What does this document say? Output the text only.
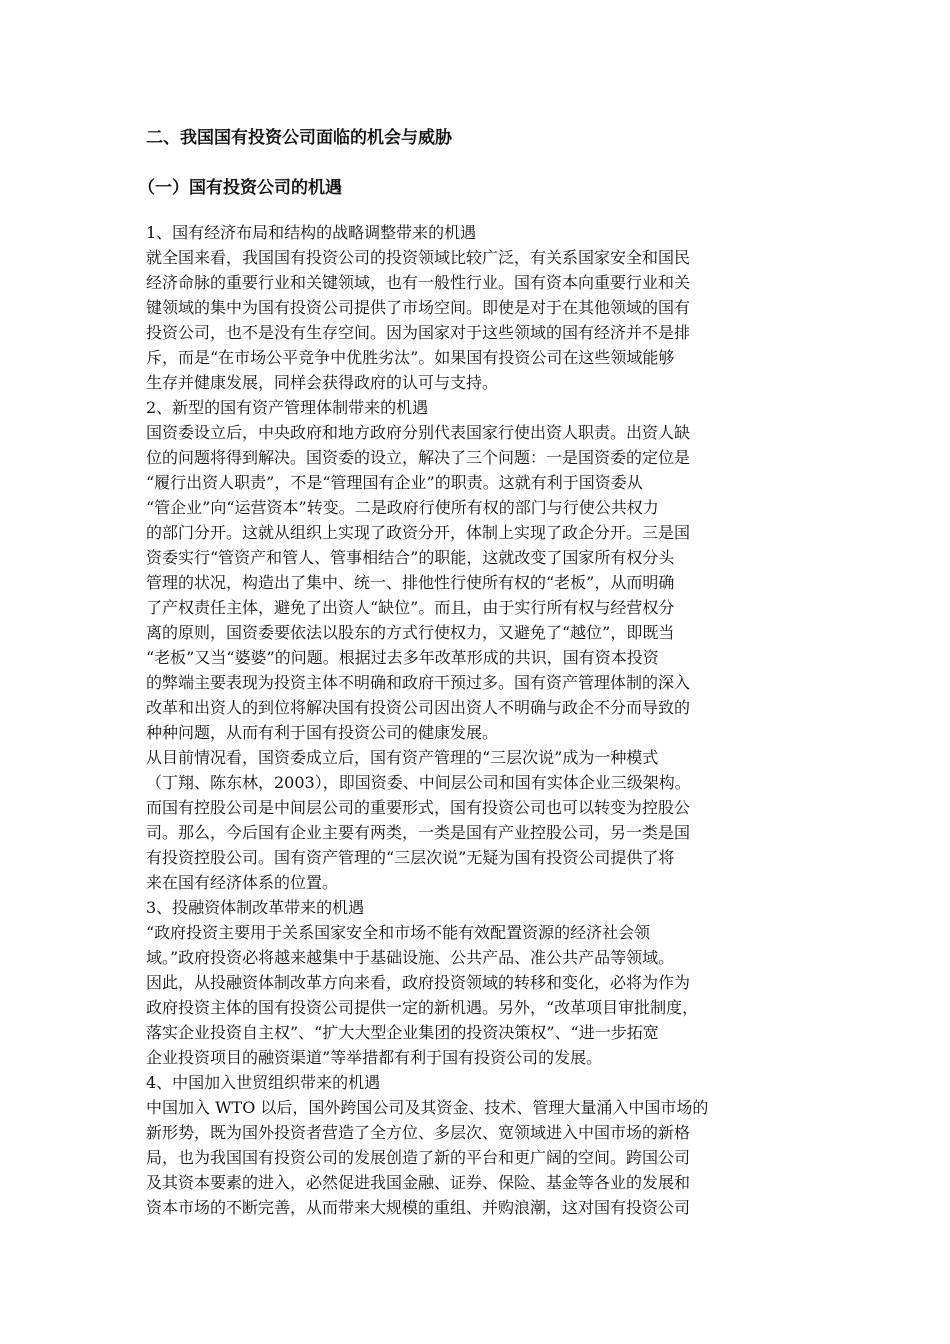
二、我国国有投资公司面临的机会与威胁
（一）国有投资公司的机遇
1、国有经济布局和结构的战略调整带来的机遇
就全国来看，我国国有投资公司的投资领域比较广泛，有关系国家安全和国民
经济命脉的重要行业和关键领域，也有一般性行业。国有资本向重要行业和关
键领域的集中为国有投资公司提供了市场空间。即使是对于在其他领域的国有
投资公司，也不是没有生存空间。因为国家对于这些领域的国有经济并不是排
斥，而是“在市场公平竞争中优胜劣汰”。如果国有投资公司在这些领域能够
生存并健康发展，同样会获得政府的认可与支持。
2、新型的国有资产管理体制带来的机遇
国资委设立后，中央政府和地方政府分别代表国家行使出资人职责。出资人缺
位的问题将得到解决。国资委的设立，解决了三个问题：一是国资委的定位是
“履行出资人职责”，不是“管理国有企业”的职责。这就有利于国资委从
“管企业”向“运营资本”转变。二是政府行使所有权的部门与行使公共权力
的部门分开。这就从组织上实现了政资分开，体制上实现了政企分开。三是国
资委实行“管资产和管人、管事相结合”的职能，这就改变了国家所有权分头
管理的状况，构造出了集中、统一、排他性行使所有权的“老板”，从而明确
了产权责任主体，避免了出资人“缺位”。而且，由于实行所有权与经营权分
离的原则，国资委要依法以股东的方式行使权力，又避免了“越位”，即既当
“老板”又当“婆婆”的问题。根据过去多年改革形成的共识，国有资本投资
的弊端主要表现为投资主体不明确和政府干预过多。国有资产管理体制的深入
改革和出资人的到位将解决国有投资公司因出资人不明确与政企不分而导致的
种种问题，从而有利于国有投资公司的健康发展。
从目前情况看，国资委成立后，国有资产管理的“三层次说”成为一种模式
（丁翔、陈东林，2003），即国资委、中间层公司和国有实体企业三级架构。
而国有控股公司是中间层公司的重要形式，国有投资公司也可以转变为控股公
司。那么，今后国有企业主要有两类，一类是国有产业控股公司，另一类是国
有投资控股公司。国有资产管理的“三层次说”无疑为国有投资公司提供了将
来在国有经济体系的位置。
3、投融资体制改革带来的机遇
“政府投资主要用于关系国家安全和市场不能有效配置资源的经济社会领
域。”政府投资必将越来越集中于基础设施、公共产品、准公共产品等领域。
因此，从投融资体制改革方向来看，政府投资领域的转移和变化，必将为作为
政府投资主体的国有投资公司提供一定的新机遇。另外，“改革项目审批制度，
落实企业投资自主权”、“扩大大型企业集团的投资决策权”、“进一步拓宽
企业投资项目的融资渠道”等举措都有利于国有投资公司的发展。
4、中国加入世贸组织带来的机遇
中国加入 WTO 以后，国外跨国公司及其资金、技术、管理大量涌入中国市场的
新形势，既为国外投资者营造了全方位、多层次、宽领域进入中国市场的新格
局，也为我国国有投资公司的发展创造了新的平台和更广阔的空间。跨国公司
及其资本要素的进入，必然促进我国金融、证券、保险、基金等各业的发展和
资本市场的不断完善，从而带来大规模的重组、并购浪潮，这对国有投资公司
